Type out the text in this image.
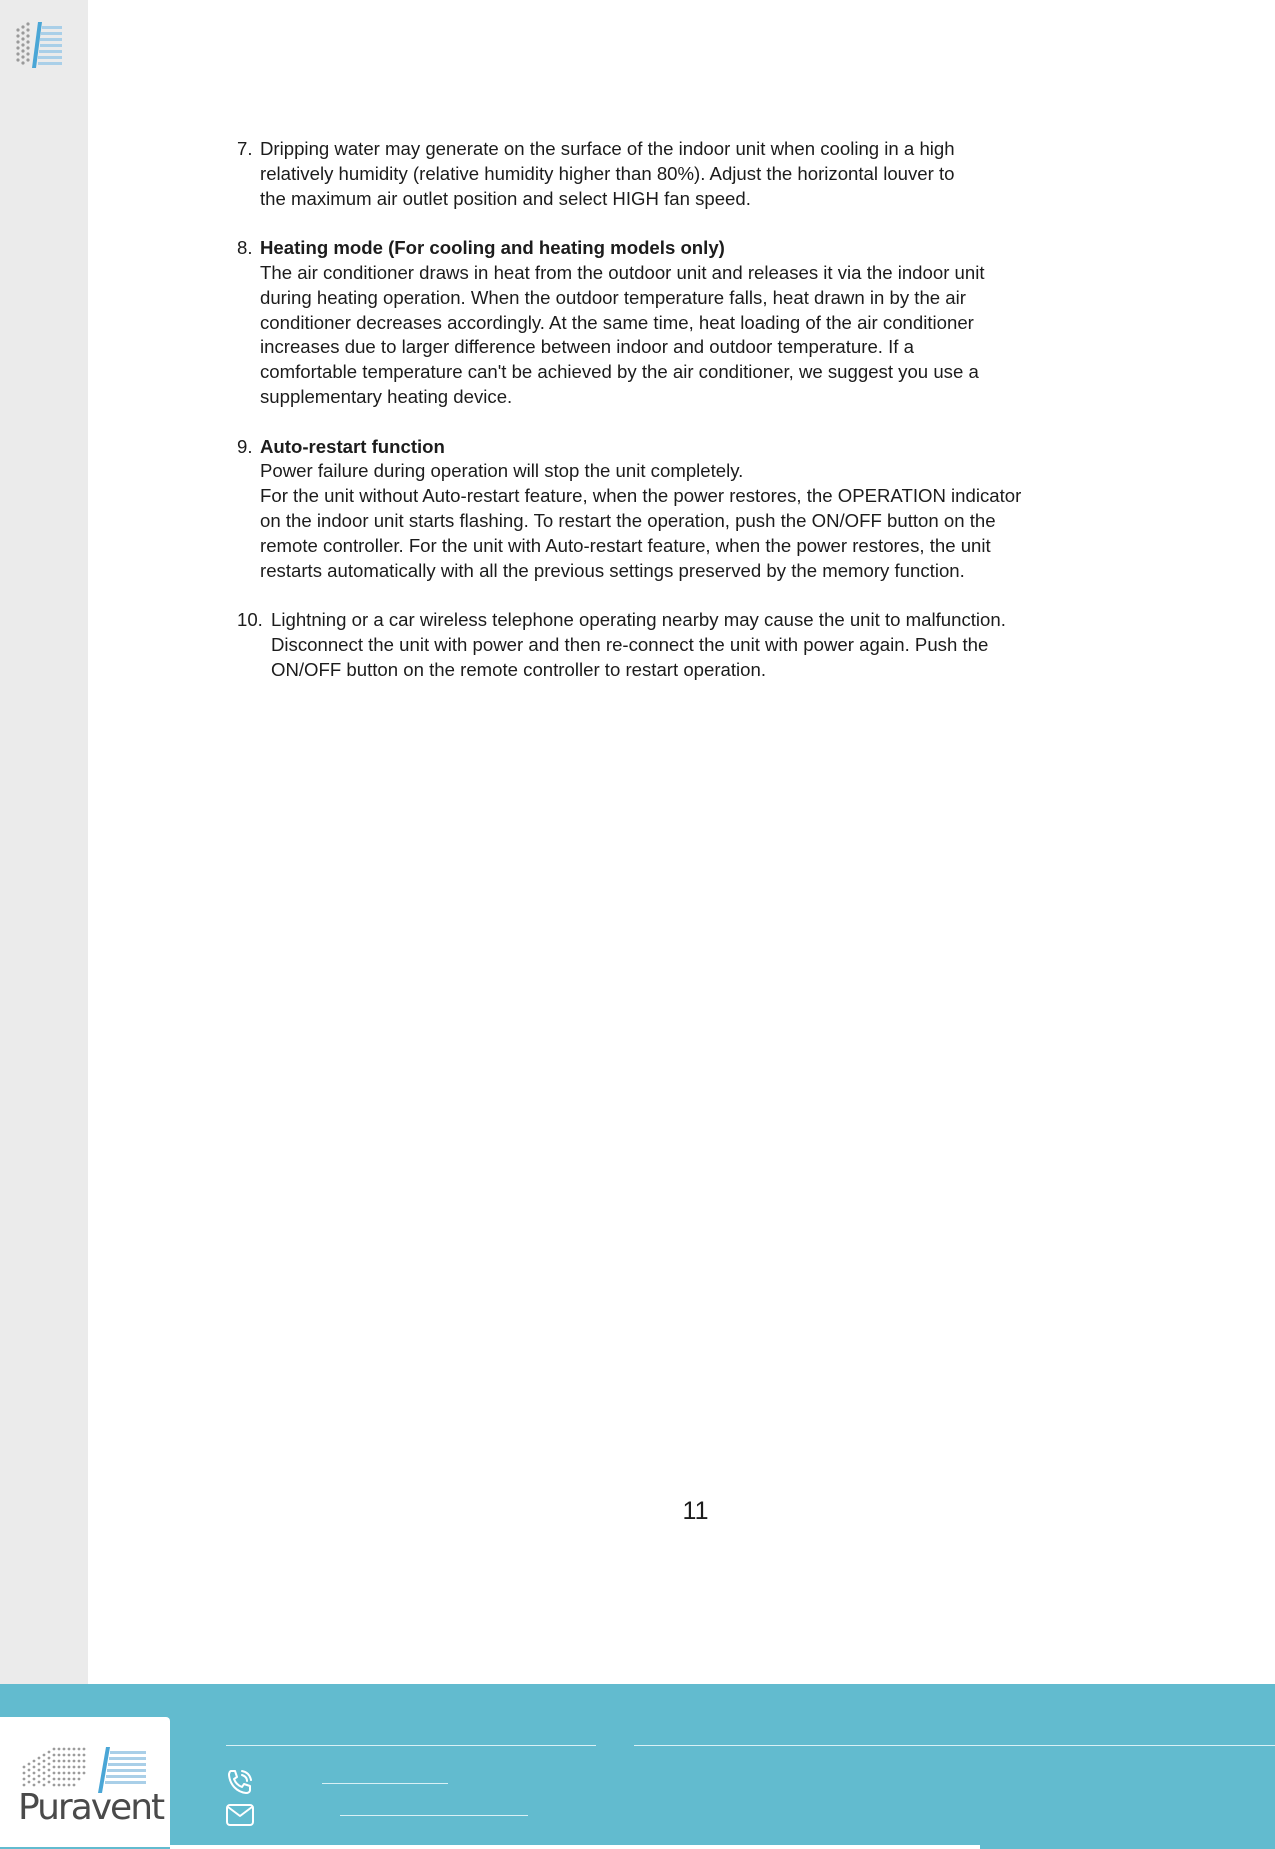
7. Dripping water may generate on the surface of the indoor unit when cooling in a high
relatively humidity (relative humidity higher than 80%). Adjust the horizontal louver to
the maximum air outlet position and select HIGH fan speed.

8. Heating mode (For cooling and heating models only)

The air conditioner draws in heat from the outdoor unit and releases it via the indoor unit
during heating operation. When the outdoor temperature falls, heat drawn in by the air
conditioner decreases accordingly. At the same time, heat loading of the air conditioner
increases due to larger difference between indoor and outdoor temperature. If a
comfortable temperature can't be achieved by the air conditioner, we suggest you use a
supplementary heating device.

9. Auto-restart function

Power failure during operation will stop the unit completely.
For the unit without Auto-restart feature, when the power restores, the OPERATION indicator
on the indoor unit starts flashing. To restart the operation, push the ON/OFF button on the
remote controller. For the unit with Auto-restart feature, when the power restores, the unit
restarts automatically with all the previous settings preserved by the memory function.

10. Lightning or a car wireless telephone operating nearby may cause the unit to malfunction.
Disconnect the unit with power and then re-connect the unit with power again. Push the
ON/OFF button on the remote controller to restart operation.

11
Puravent
